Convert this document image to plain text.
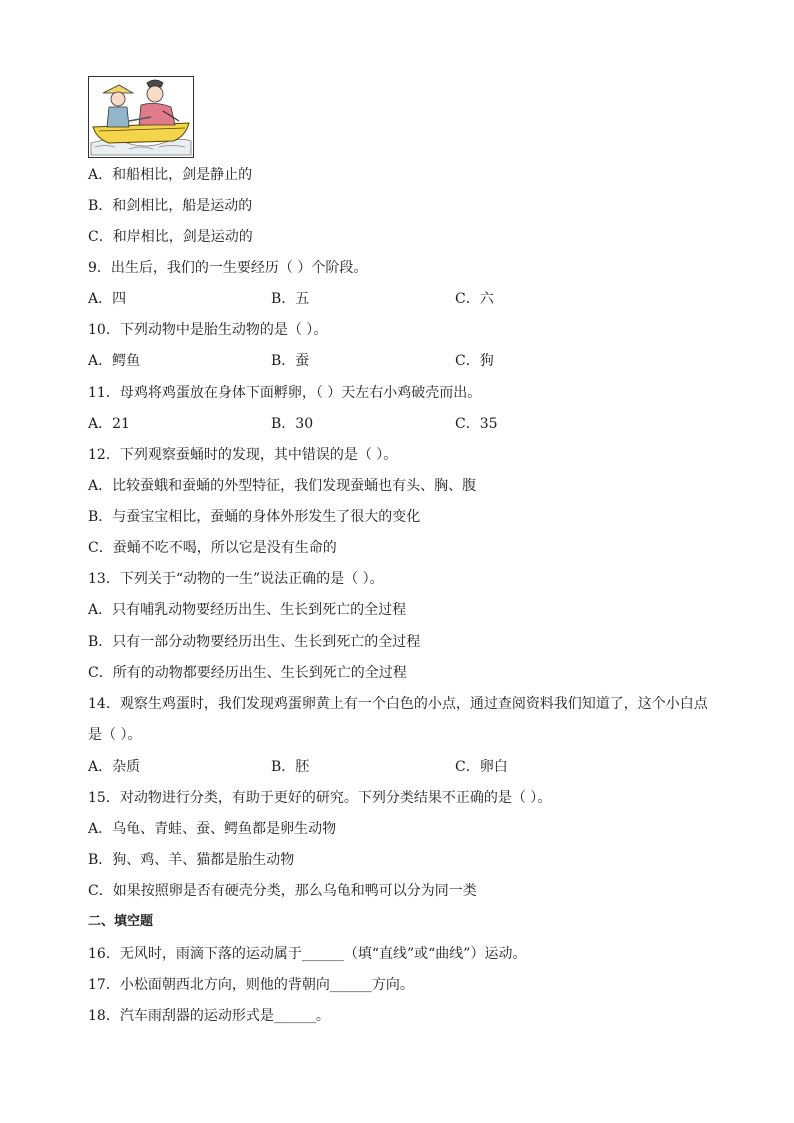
A．和船相比，剑是静止的
B．和剑相比，船是运动的
C．和岸相比，剑是运动的
9．出生后，我们的一生要经历（ ）个阶段。
A．四	B．五	C．六
10．下列动物中是胎生动物的是（ ）。
A．鳄鱼	B．蚕	C．狗
11．母鸡将鸡蛋放在身体下面孵卵，（ ）天左右小鸡破壳而出。
A．21	B．30	C．35
12．下列观察蚕蛹时的发现，其中错误的是（ ）。
A．比较蚕蛾和蚕蛹的外型特征，我们发现蚕蛹也有头、胸、腹
B．与蚕宝宝相比，蚕蛹的身体外形发生了很大的变化
C．蚕蛹不吃不喝，所以它是没有生命的
13．下列关于“动物的一生”说法正确的是（ ）。
A．只有哺乳动物要经历出生、生长到死亡的全过程
B．只有一部分动物要经历出生、生长到死亡的全过程
C．所有的动物都要经历出生、生长到死亡的全过程
14．观察生鸡蛋时，我们发现鸡蛋卵黄上有一个白色的小点，通过查阅资料我们知道了，这个小白点
是（ ）。
A．杂质	B．胚	C．卵白
15．对动物进行分类，有助于更好的研究。下列分类结果不正确的是（ ）。
A．乌龟、青蛙、蚕、鳄鱼都是卵生动物
B．狗、鸡、羊、猫都是胎生动物
C．如果按照卵是否有硬壳分类，那么乌龟和鸭可以分为同一类
二、填空题
16．无风时，雨滴下落的运动属于______（填“直线”或“曲线”）运动。
17．小松面朝西北方向，则他的背朝向______方向。
18．汽车雨刮器的运动形式是______。
